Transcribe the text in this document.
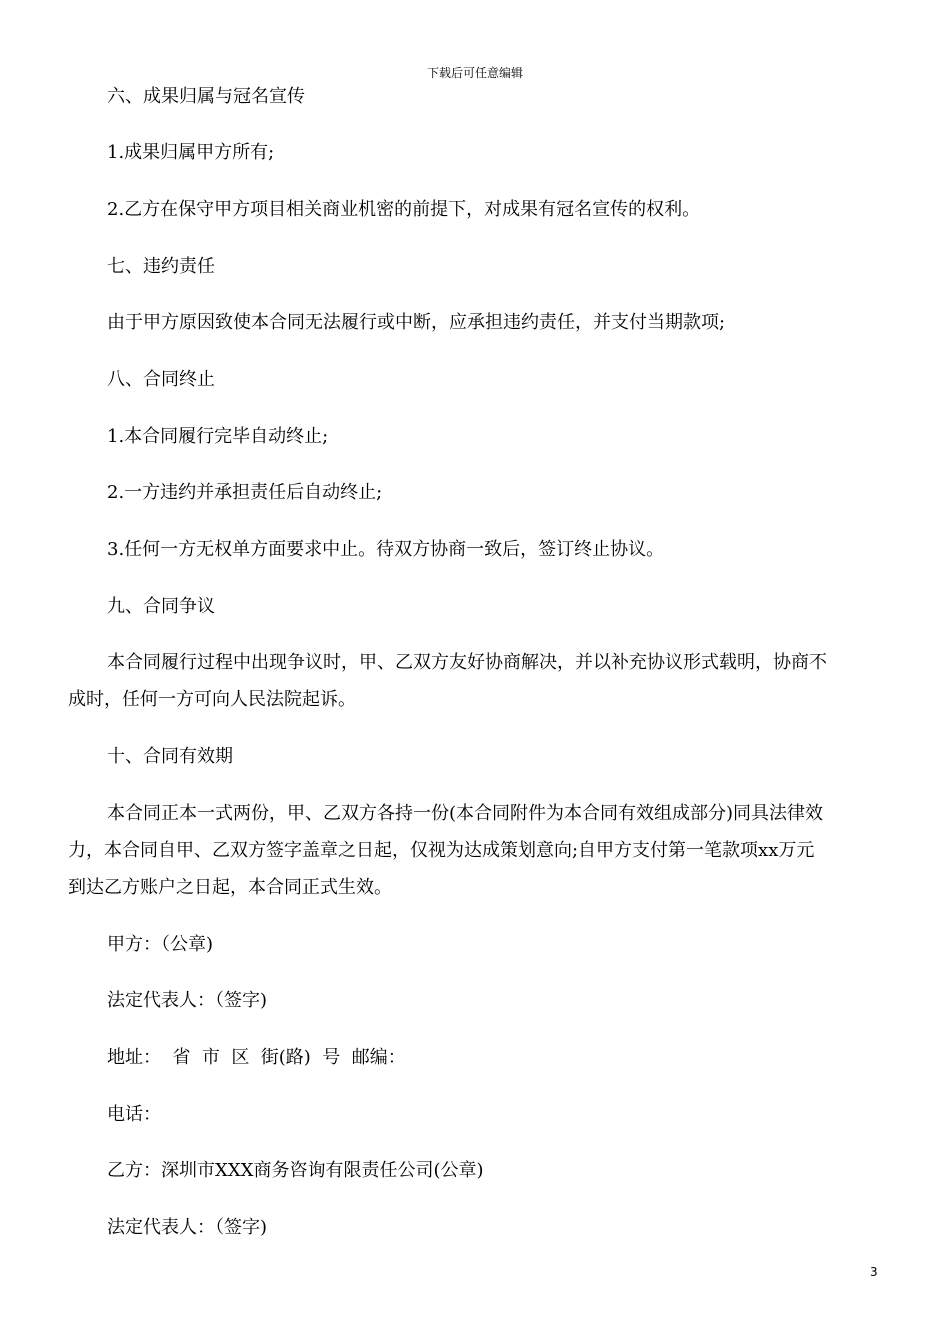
下载后可任意编辑
六、成果归属与冠名宣传
1.成果归属甲方所有;
2.乙方在保守甲方项目相关商业机密的前提下，对成果有冠名宣传的权利。
七、违约责任
由于甲方原因致使本合同无法履行或中断，应承担违约责任，并支付当期款项;
八、合同终止
1.本合同履行完毕自动终止;
2.一方违约并承担责任后自动终止;
3.任何一方无权单方面要求中止。待双方协商一致后，签订终止协议。
九、合同争议
本合同履行过程中出现争议时，甲、乙双方友好协商解决，并以补充协议形式载明，协商不
成时，任何一方可向人民法院起诉。
十、合同有效期
本合同正本一式两份，甲、乙双方各持一份(本合同附件为本合同有效组成部分)同具法律效
力，本合同自甲、乙双方签字盖章之日起，仅视为达成策划意向;自甲方支付第一笔款项xx万元
到达乙方账户之日起，本合同正式生效。
甲方：（公章)
法定代表人：（签字)
地址：  省  市  区  街(路)  号  邮编：
电话：
乙方：深圳市XXX商务咨询有限责任公司(公章)
法定代表人：（签字)
3
